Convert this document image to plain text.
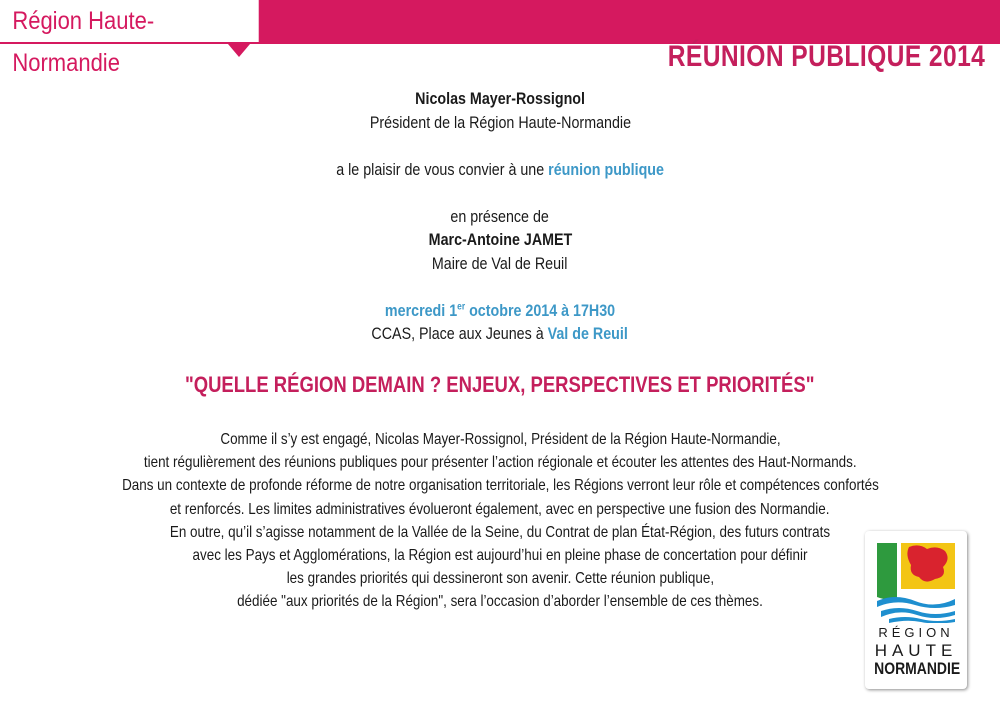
Région Haute-Normandie	RÉUNION PUBLIQUE 2014
Nicolas Mayer-Rossignol
Président de la Région Haute-Normandie
a le plaisir de vous convier à une réunion publique
en présence de
Marc-Antoine JAMET
Maire de Val de Reuil
mercredi 1er octobre 2014 à 17H30
CCAS, Place aux Jeunes à Val de Reuil
"QUELLE RÉGION DEMAIN ? ENJEUX, PERSPECTIVES ET PRIORITÉS"
Comme il s’y est engagé, Nicolas Mayer-Rossignol, Président de la Région Haute-Normandie,
tient régulièrement des réunions publiques pour présenter l’action régionale et écouter les attentes des Haut-Normands.
Dans un contexte de profonde réforme de notre organisation territoriale, les Régions verront leur rôle et compétences confortés
et renforcés. Les limites administratives évolueront également, avec en perspective une fusion des Normandie.
En outre, qu’il s’agisse notamment de la Vallée de la Seine, du Contrat de plan État-Région, des futurs contrats
avec les Pays et Agglomérations, la Région est aujourd’hui en pleine phase de concertation pour définir
les grandes priorités qui dessineront son avenir. Cette réunion publique,
dédiée "aux priorités de la Région", sera l’occasion d’aborder l’ensemble de ces thèmes.
RÉGION
HAUTE
NORMANDIE
